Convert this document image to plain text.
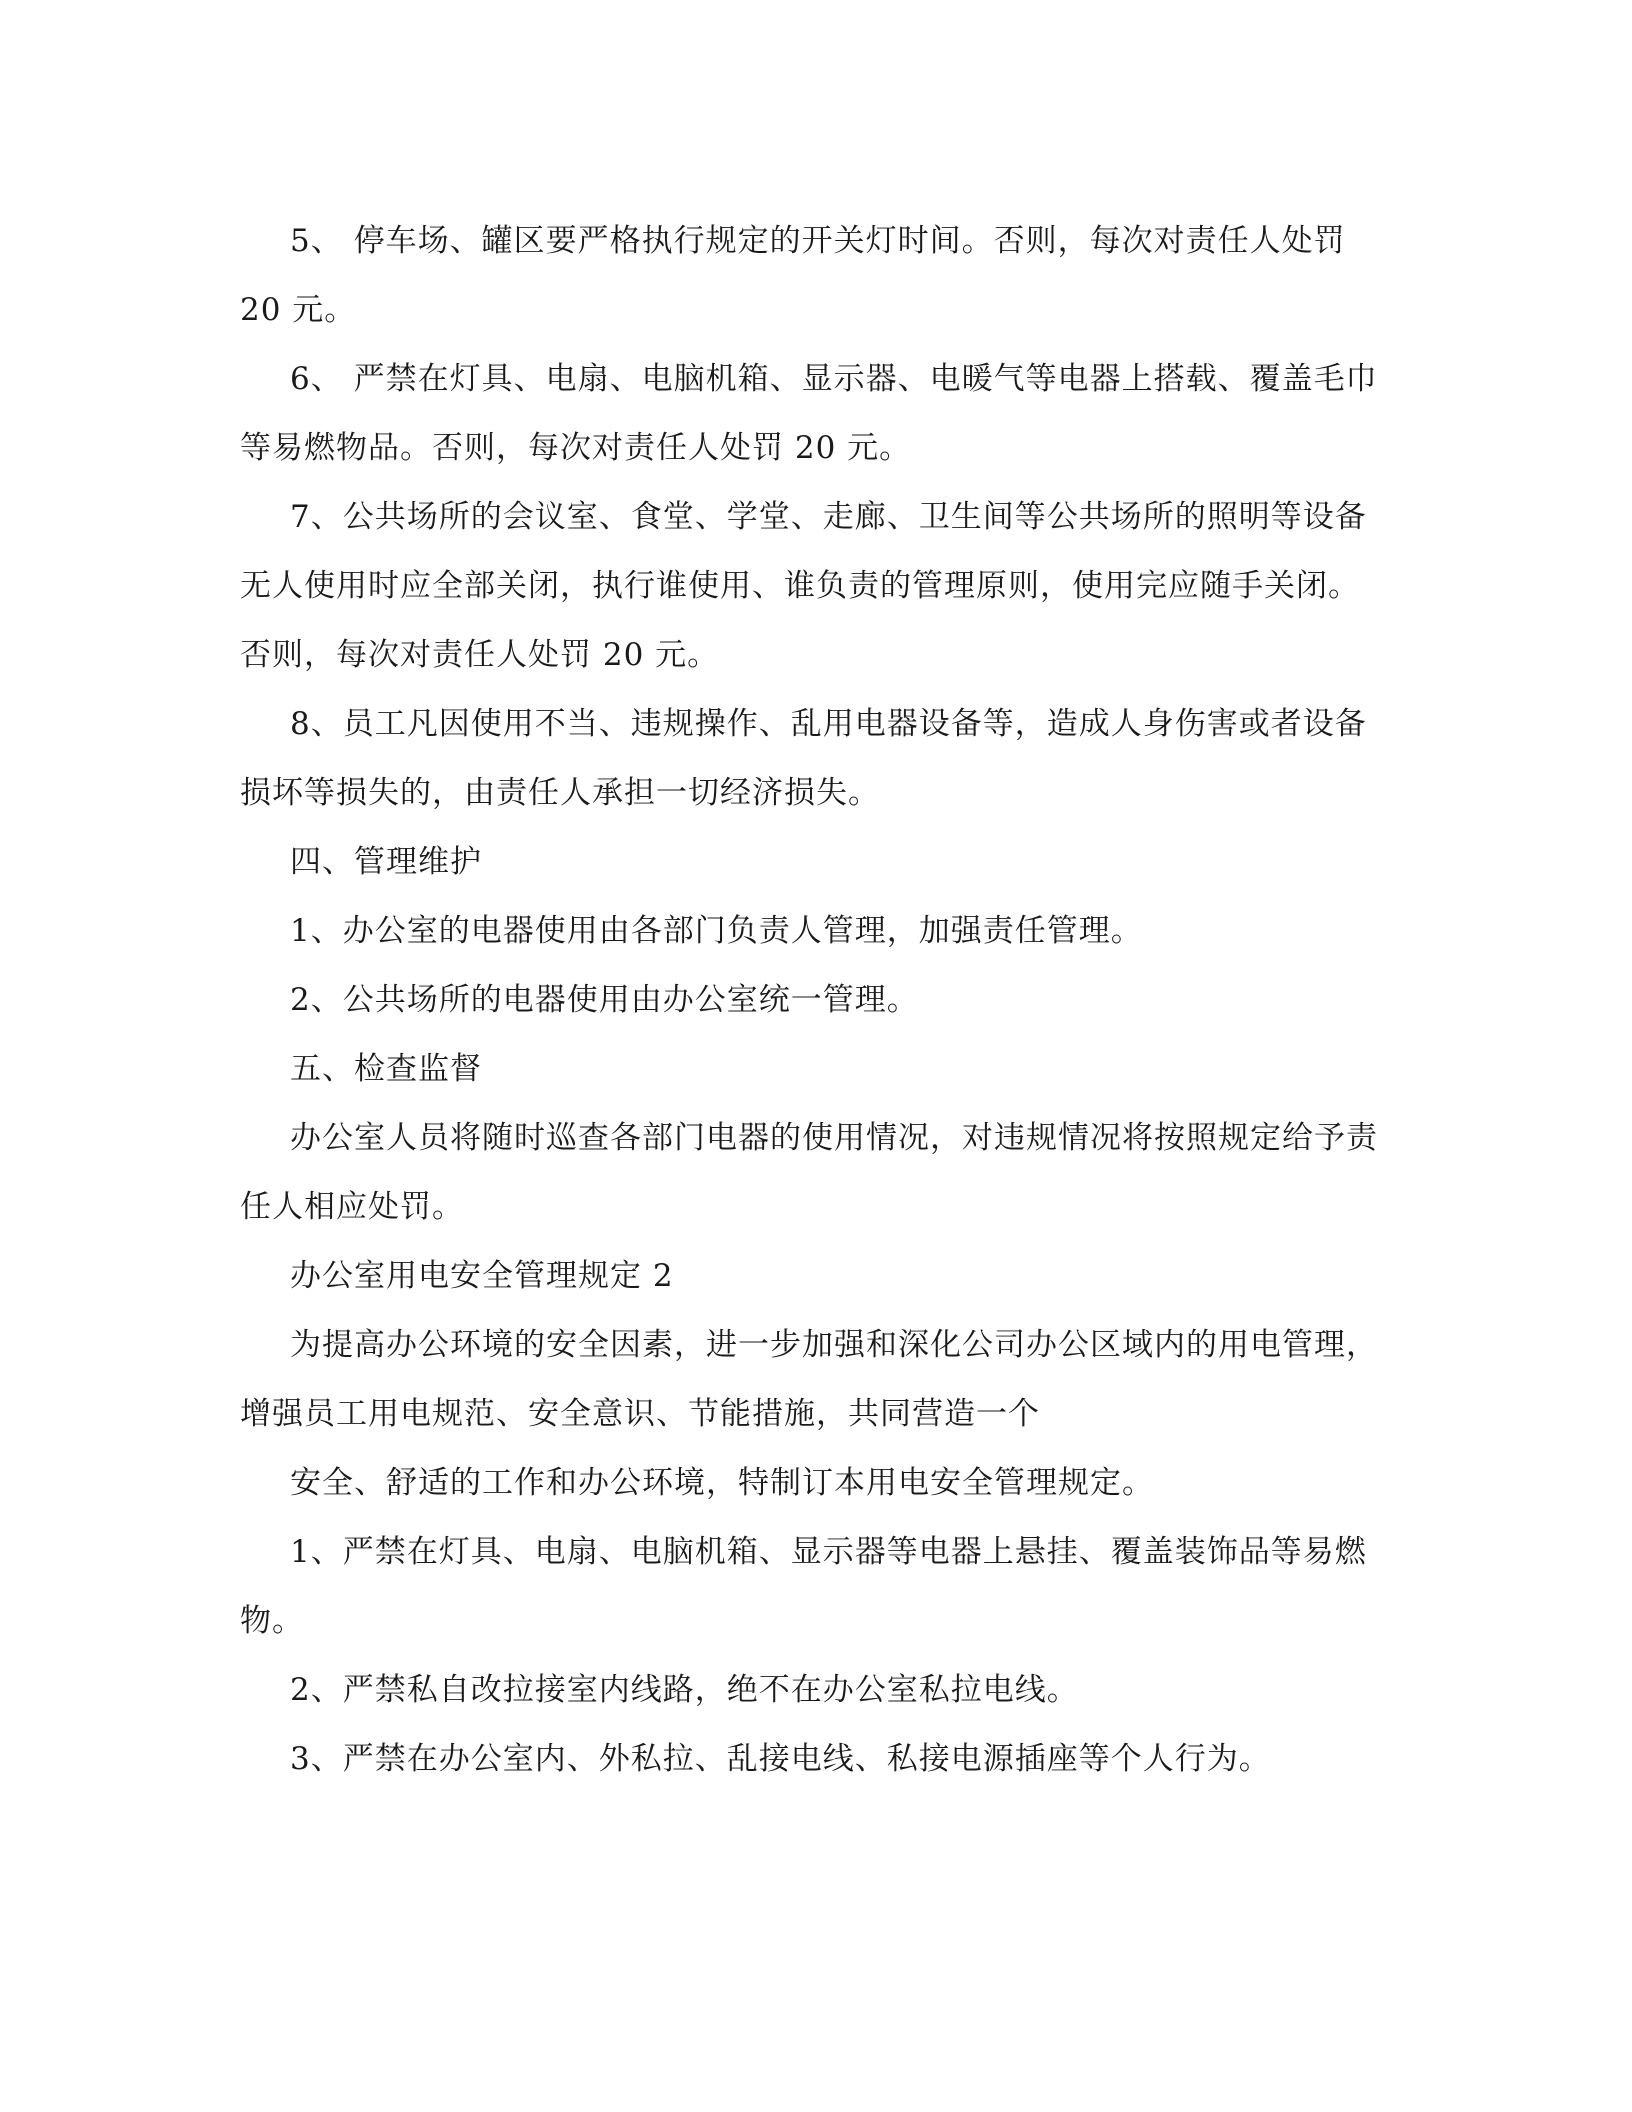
5、 停车场、罐区要严格执行规定的开关灯时间。否则，每次对责任人处罚 20 元。

6、 严禁在灯具、电扇、电脑机箱、显示器、电暖气等电器上搭载、覆盖毛巾等易燃物品。否则，每次对责任人处罚 20 元。

7、公共场所的会议室、食堂、学堂、走廊、卫生间等公共场所的照明等设备无人使用时应全部关闭，执行谁使用、谁负责的管理原则，使用完应随手关闭。否则，每次对责任人处罚 20 元。

8、员工凡因使用不当、违规操作、乱用电器设备等，造成人身伤害或者设备损坏等损失的，由责任人承担一切经济损失。

四、管理维护

1、办公室的电器使用由各部门负责人管理，加强责任管理。

2、公共场所的电器使用由办公室统一管理。

五、检查监督

办公室人员将随时巡查各部门电器的使用情况，对违规情况将按照规定给予责任人相应处罚。

办公室用电安全管理规定 2

为提高办公环境的安全因素，进一步加强和深化公司办公区域内的用电管理，增强员工用电规范、安全意识、节能措施，共同营造一个

安全、舒适的工作和办公环境，特制订本用电安全管理规定。

1、严禁在灯具、电扇、电脑机箱、显示器等电器上悬挂、覆盖装饰品等易燃物。

2、严禁私自改拉接室内线路，绝不在办公室私拉电线。

3、严禁在办公室内、外私拉、乱接电线、私接电源插座等个人行为。
